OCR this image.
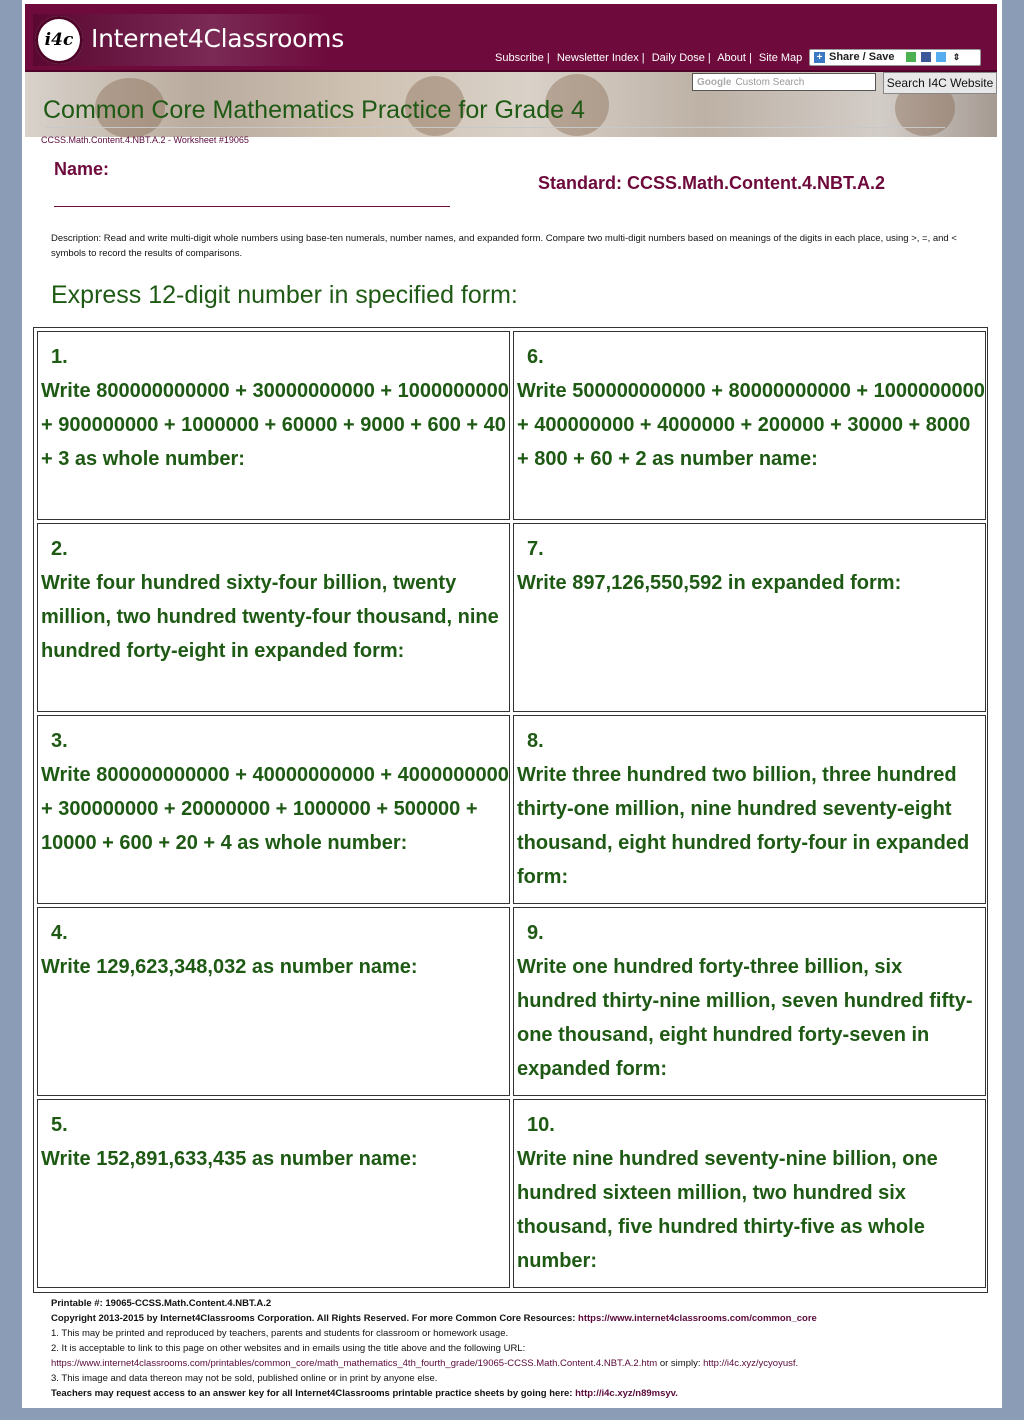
i4c Internet4Classrooms
Subscribe | Newsletter Index | Daily Dose | About | Site Map	+ Share / Save	⇕
Google Custom Search	Search I4C Website
Common Core Mathematics Practice for Grade 4
CCSS.Math.Content.4.NBT.A.2 - Worksheet #19065
Name:
Standard: CCSS.Math.Content.4.NBT.A.2
Description: Read and write multi-digit whole numbers using base-ten numerals, number names, and expanded form. Compare two multi-digit numbers based on meanings of the digits in each place, using >, =, and < symbols to record the results of comparisons.
Express 12-digit number in specified form:
1.
Write 800000000000 + 30000000000 + 1000000000 + 900000000 + 1000000 + 60000 + 9000 + 600 + 40 + 3 as whole number:
2.
Write four hundred sixty-four billion, twenty million, two hundred twenty-four thousand, nine hundred forty-eight in expanded form:
3.
Write 800000000000 + 40000000000 + 4000000000 + 300000000 + 20000000 + 1000000 + 500000 + 10000 + 600 + 20 + 4 as whole number:
4.
Write 129,623,348,032 as number name:
5.
Write 152,891,633,435 as number name:
6.
Write 500000000000 + 80000000000 + 1000000000 + 400000000 + 4000000 + 200000 + 30000 + 8000 + 800 + 60 + 2 as number name:
7.
Write 897,126,550,592 in expanded form:
8.
Write three hundred two billion, three hundred thirty-one million, nine hundred seventy-eight thousand, eight hundred forty-four in expanded form:
9.
Write one hundred forty-three billion, six hundred thirty-nine million, seven hundred fifty-one thousand, eight hundred forty-seven in expanded form:
10.
Write nine hundred seventy-nine billion, one hundred sixteen million, two hundred six thousand, five hundred thirty-five as whole number:
Printable #: 19065-CCSS.Math.Content.4.NBT.A.2
Copyright 2013-2015 by Internet4Classrooms Corporation. All Rights Reserved. For more Common Core Resources: https://www.internet4classrooms.com/common_core
1. This may be printed and reproduced by teachers, parents and students for classroom or homework usage.
2. It is acceptable to link to this page on other websites and in emails using the title above and the following URL:
https://www.internet4classrooms.com/printables/common_core/math_mathematics_4th_fourth_grade/19065-CCSS.Math.Content.4.NBT.A.2.htm or simply: http://i4c.xyz/ycyoyusf.
3. This image and data thereon may not be sold, published online or in print by anyone else.
Teachers may request access to an answer key for all Internet4Classrooms printable practice sheets by going here: http://i4c.xyz/n89msyv.
